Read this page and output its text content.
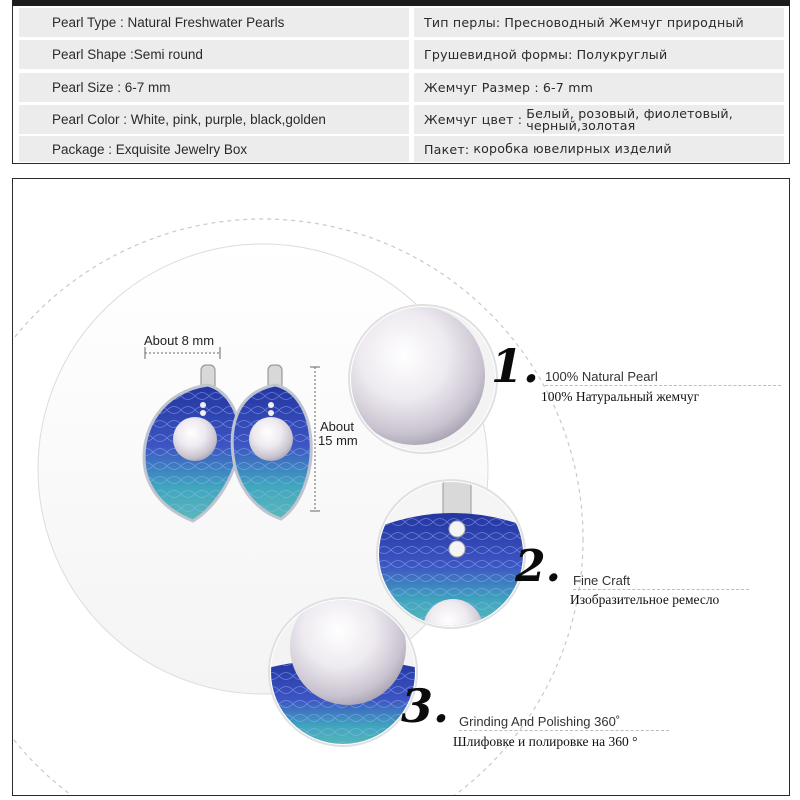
Pearl Type : Natural Freshwater Pearls	Тип перлы: Пресноводный Жемчуг природный
Pearl Shape :Semi round	Грушевидной формы: Полукруглый
Pearl Size : 6-7 mm	Жемчуг Размер : 6-7 mm
Pearl Color : White, pink, purple, black,golden	Жемчуг цвет : Белый, розовый, фиолетовый, черный,золотая
Package : Exquisite Jewelry Box	Пакет: коробка ювелирных изделий
About 8 mm
About
15 mm
1. 100% Natural Pearl
100% Натуральный жемчуг
2. Fine Craft
Изобразительное ремесло
3. Grinding And Polishing 360˚
Шлифовке и полировке на 360 °
